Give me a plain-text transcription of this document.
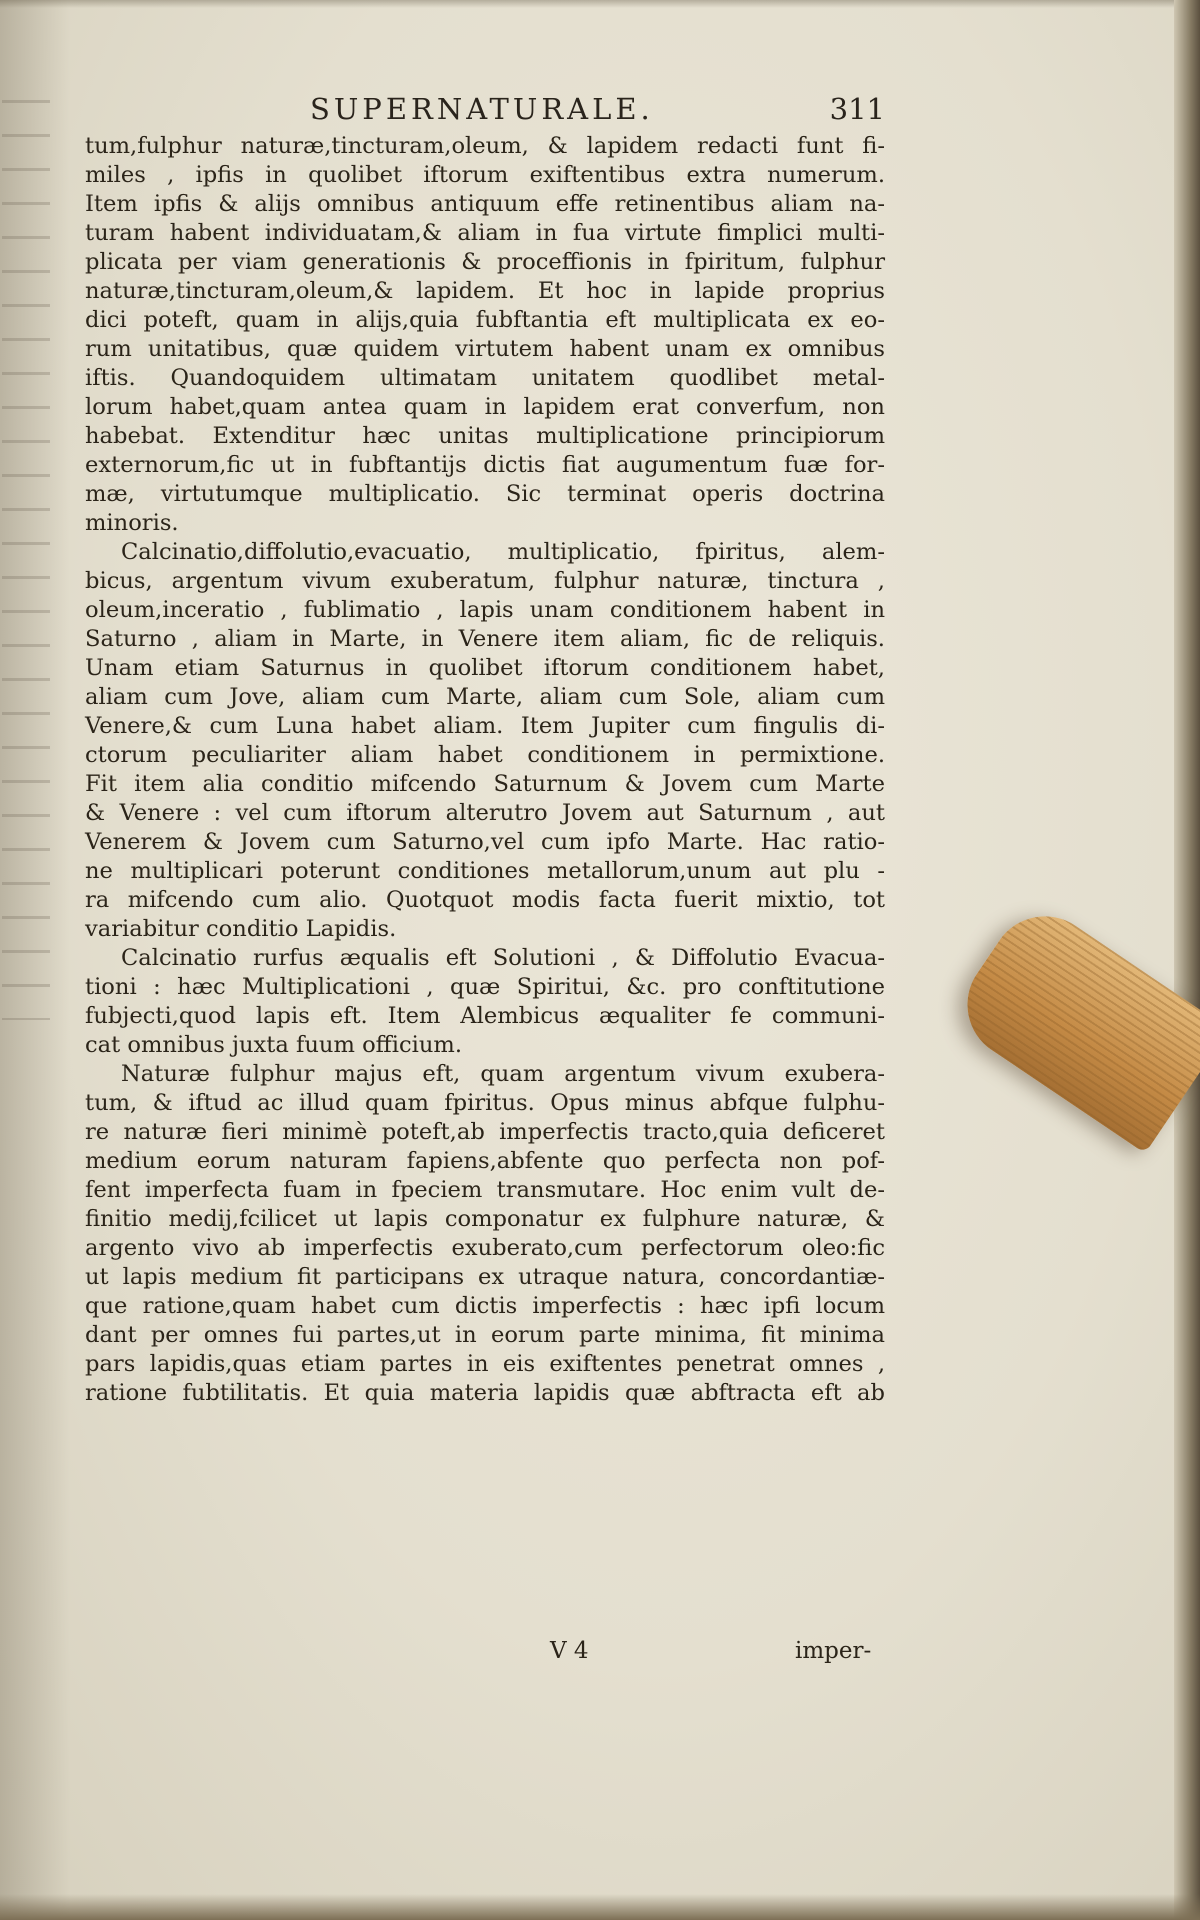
SUPERNATURALE.	311
tum,fulphur naturæ,tincturam,oleum, & lapidem redacti funt fi-
miles , ipfis in quolibet iftorum exiftentibus extra numerum.
Item ipfis & alijs omnibus antiquum effe retinentibus aliam na-
turam habent individuatam,& aliam in fua virtute fimplici multi-
plicata per viam generationis & proceffionis in fpiritum, fulphur
naturæ,tincturam,oleum,& lapidem. Et hoc in lapide proprius
dici poteft, quam in alijs,quia fubftantia eft multiplicata ex eo-
rum unitatibus, quæ quidem virtutem habent unam ex omnibus
iftis. Quandoquidem ultimatam unitatem quodlibet metal-
lorum habet,quam antea quam in lapidem erat converfum, non
habebat. Extenditur hæc unitas multiplicatione principiorum
externorum,fic ut in fubftantijs dictis fiat augumentum fuæ for-
mæ, virtutumque multiplicatio. Sic terminat operis doctrina
minoris.
Calcinatio,diffolutio,evacuatio, multiplicatio, fpiritus, alem-
bicus, argentum vivum exuberatum, fulphur naturæ, tinctura ,
oleum,inceratio , fublimatio , lapis unam conditionem habent in
Saturno , aliam in Marte, in Venere item aliam, fic de reliquis.
Unam etiam Saturnus in quolibet iftorum conditionem habet,
aliam cum Jove, aliam cum Marte, aliam cum Sole, aliam cum
Venere,& cum Luna habet aliam. Item Jupiter cum fingulis di-
ctorum peculiariter aliam habet conditionem in permixtione.
Fit item alia conditio mifcendo Saturnum & Jovem cum Marte
& Venere : vel cum iftorum alterutro Jovem aut Saturnum , aut
Venerem & Jovem cum Saturno,vel cum ipfo Marte. Hac ratio-
ne multiplicari poterunt conditiones metallorum,unum aut plu -
ra mifcendo cum alio. Quotquot modis facta fuerit mixtio, tot
variabitur conditio Lapidis.
Calcinatio rurfus æqualis eft Solutioni , & Diffolutio Evacua-
tioni : hæc Multiplicationi , quæ Spiritui, &c. pro conftitutione
fubjecti,quod lapis eft. Item Alembicus æqualiter fe communi-
cat omnibus juxta fuum officium.
Naturæ fulphur majus eft, quam argentum vivum exubera-
tum, & iftud ac illud quam fpiritus. Opus minus abfque fulphu-
re naturæ fieri minimè poteft,ab imperfectis tracto,quia deficeret
medium eorum naturam fapiens,abfente quo perfecta non pof-
fent imperfecta fuam in fpeciem transmutare. Hoc enim vult de-
finitio medij,fcilicet ut lapis componatur ex fulphure naturæ, &
argento vivo ab imperfectis exuberato,cum perfectorum oleo:fic
ut lapis medium fit participans ex utraque natura, concordantiæ-
que ratione,quam habet cum dictis imperfectis : hæc ipfi locum
dant per omnes fui partes,ut in eorum parte minima, fit minima
pars lapidis,quas etiam partes in eis exiftentes penetrat omnes ,
ratione fubtilitatis. Et quia materia lapidis quæ abftracta eft ab
V 4	imper-
